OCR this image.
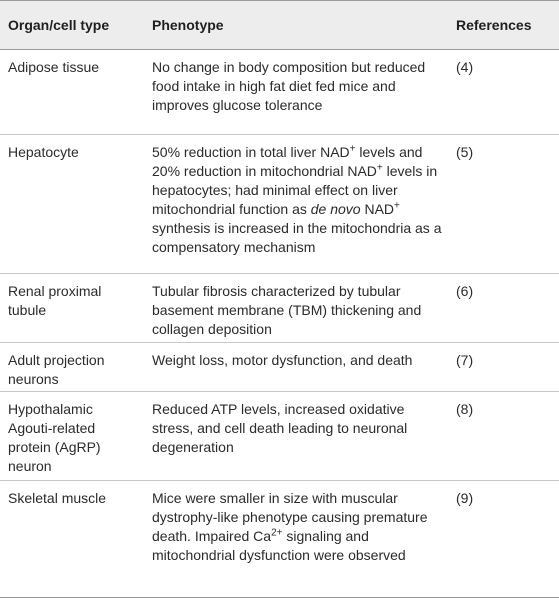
Organ/cell type	Phenotype	References
Adipose tissue	No change in body composition but reduced food intake in high fat diet fed mice and improves glucose tolerance	(4)
Hepatocyte	50% reduction in total liver NAD+ levels and 20% reduction in mitochondrial NAD+ levels in hepatocytes; had minimal effect on liver mitochondrial function as de novo NAD+ synthesis is increased in the mitochondria as a compensatory mechanism	(5)
Renal proximal tubule	Tubular fibrosis characterized by tubular basement membrane (TBM) thickening and collagen deposition	(6)
Adult projection neurons	Weight loss, motor dysfunction, and death	(7)
Hypothalamic Agouti-related protein (AgRP) neuron	Reduced ATP levels, increased oxidative stress, and cell death leading to neuronal degeneration	(8)
Skeletal muscle	Mice were smaller in size with muscular dystrophy-like phenotype causing premature death. Impaired $Ca^{2+}$ signaling and mitochondrial dysfunction were observed	(9)
